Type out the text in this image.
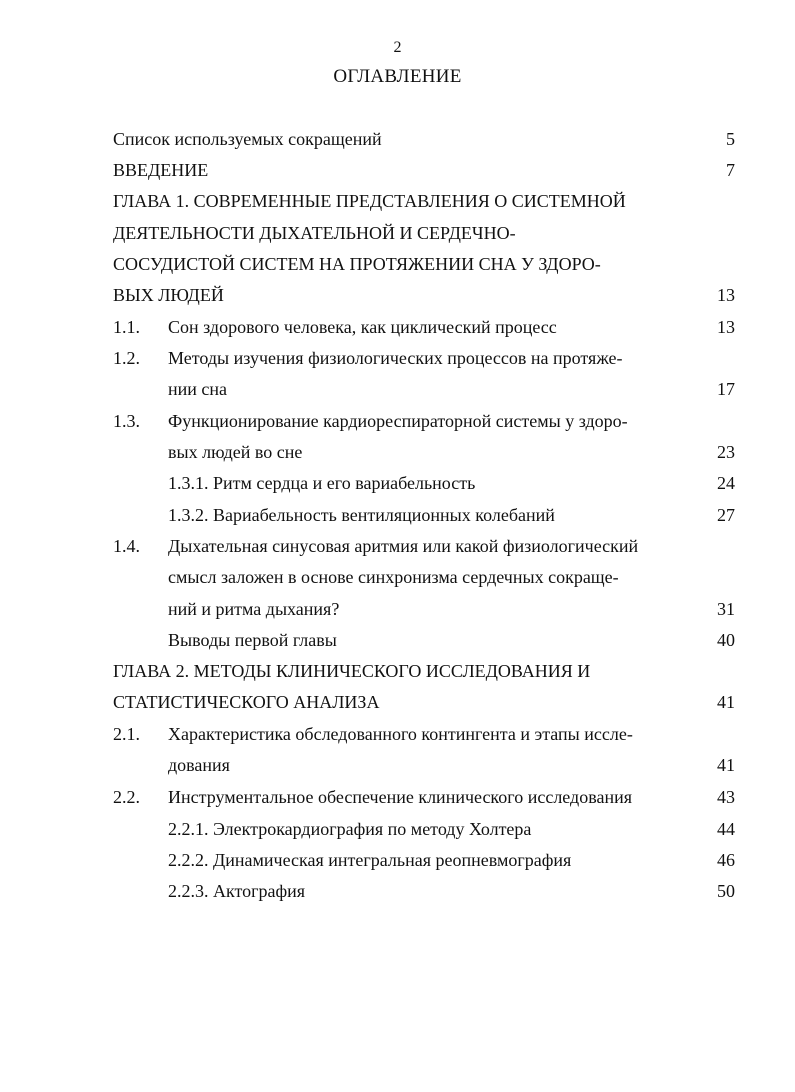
2
ОГЛАВЛЕНИЕ
Список используемых сокращений	5
ВВЕДЕНИЕ	7
ГЛАВА 1. СОВРЕМЕННЫЕ ПРЕДСТАВЛЕНИЯ О СИСТЕМНОЙ
ДЕЯТЕЛЬНОСТИ ДЫХАТЕЛЬНОЙ И СЕРДЕЧНО-
СОСУДИСТОЙ СИСТЕМ НА ПРОТЯЖЕНИИ СНА У ЗДОРО-
ВЫХ ЛЮДЕЙ	13
1.1. Сон здорового человека, как циклический процесс	13
1.2. Методы изучения физиологических процессов на протяже-
нии сна	17
1.3. Функционирование кардиореспираторной системы у здоро-
вых людей во сне	23
1.3.1. Ритм сердца и его вариабельность	24
1.3.2. Вариабельность вентиляционных колебаний	27
1.4. Дыхательная синусовая аритмия или какой физиологический
смысл заложен в основе синхронизма сердечных сокраще-
ний и ритма дыхания?	31
Выводы первой главы	40
ГЛАВА 2. МЕТОДЫ КЛИНИЧЕСКОГО ИССЛЕДОВАНИЯ И
СТАТИСТИЧЕСКОГО АНАЛИЗА	41
2.1. Характеристика обследованного контингента и этапы иссле-
дования	41
2.2. Инструментальное обеспечение клинического исследования	43
2.2.1. Электрокардиография по методу Холтера	44
2.2.2. Динамическая интегральная реопневмография	46
2.2.3. Актография	50
